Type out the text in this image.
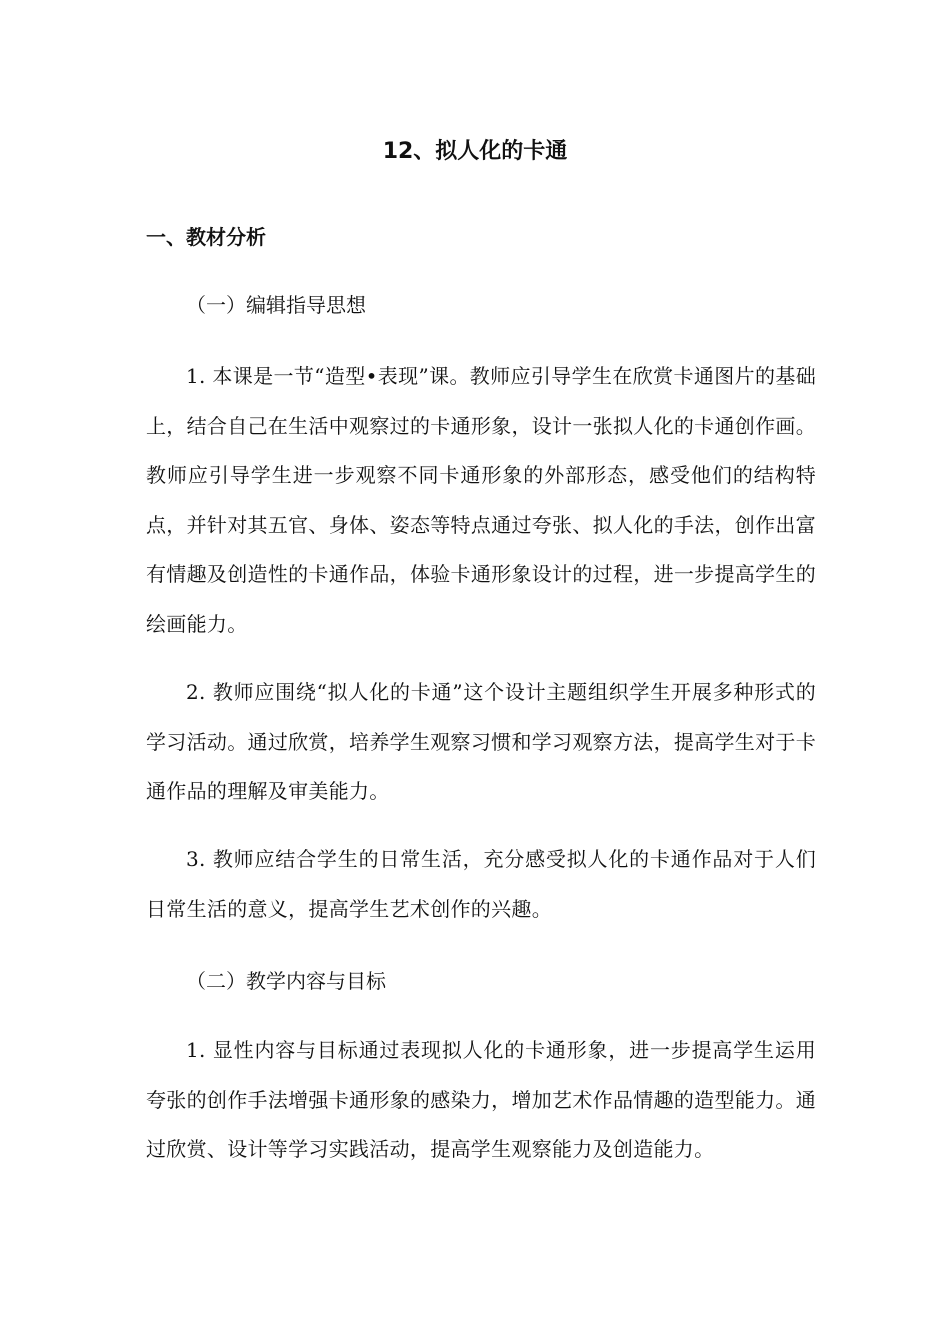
12、拟人化的卡通
一、教材分析
（一）编辑指导思想
1. 本课是一节“造型•表现”课。教师应引导学生在欣赏卡通图片的基础上，结合自己在生活中观察过的卡通形象，设计一张拟人化的卡通创作画。教师应引导学生进一步观察不同卡通形象的外部形态，感受他们的结构特点，并针对其五官、身体、姿态等特点通过夸张、拟人化的手法，创作出富有情趣及创造性的卡通作品，体验卡通形象设计的过程，进一步提高学生的绘画能力。
2. 教师应围绕“拟人化的卡通”这个设计主题组织学生开展多种形式的学习活动。通过欣赏，培养学生观察习惯和学习观察方法，提高学生对于卡通作品的理解及审美能力。
3. 教师应结合学生的日常生活，充分感受拟人化的卡通作品对于人们日常生活的意义，提高学生艺术创作的兴趣。
（二）教学内容与目标
1. 显性内容与目标通过表现拟人化的卡通形象，进一步提高学生运用夸张的创作手法增强卡通形象的感染力，增加艺术作品情趣的造型能力。通过欣赏、设计等学习实践活动，提高学生观察能力及创造能力。
